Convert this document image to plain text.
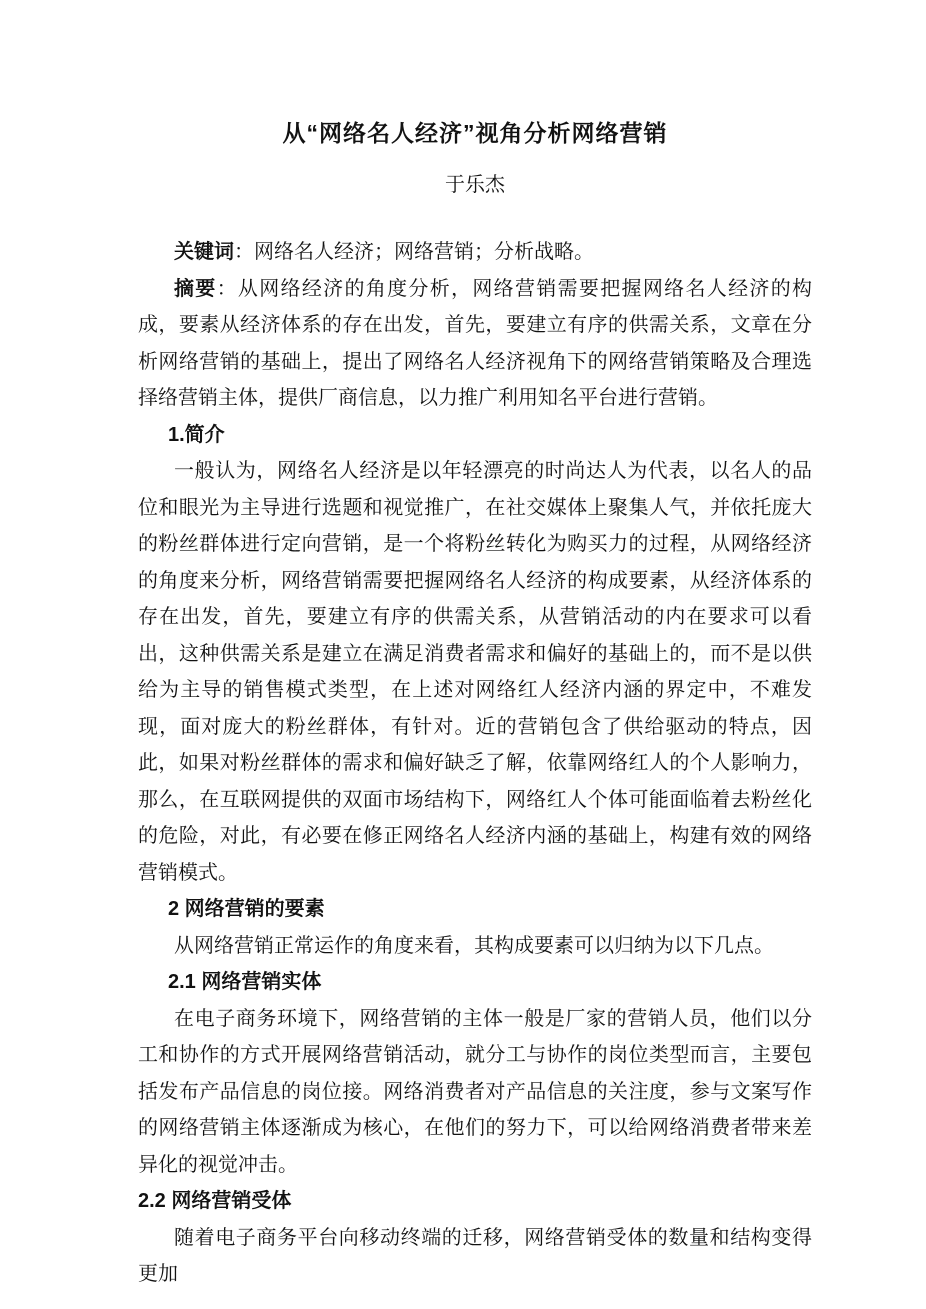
从“网络名人经济”视角分析网络营销
于乐杰

关键词：网络名人经济；网络营销；分析战略。

摘要：从网络经济的角度分析，网络营销需要把握网络名人经济的构成，要素从经济体系的存在出发，首先，要建立有序的供需关系，文章在分析网络营销的基础上，提出了网络名人经济视角下的网络营销策略及合理选择络营销主体，提供厂商信息，以力推广利用知名平台进行营销。

1.简介

一般认为，网络名人经济是以年轻漂亮的时尚达人为代表，以名人的品位和眼光为主导进行选题和视觉推广，在社交媒体上聚集人气，并依托庞大的粉丝群体进行定向营销，是一个将粉丝转化为购买力的过程，从网络经济的角度来分析，网络营销需要把握网络名人经济的构成要素，从经济体系的存在出发，首先，要建立有序的供需关系，从营销活动的内在要求可以看出，这种供需关系是建立在满足消费者需求和偏好的基础上的，而不是以供给为主导的销售模式类型，在上述对网络红人经济内涵的界定中，不难发现，面对庞大的粉丝群体，有针对。近的营销包含了供给驱动的特点，因此，如果对粉丝群体的需求和偏好缺乏了解，依靠网络红人的个人影响力，那么，在互联网提供的双面市场结构下，网络红人个体可能面临着去粉丝化的危险，对此，有必要在修正网络名人经济内涵的基础上，构建有效的网络营销模式。

2 网络营销的要素

从网络营销正常运作的角度来看，其构成要素可以归纳为以下几点。

2.1 网络营销实体

在电子商务环境下，网络营销的主体一般是厂家的营销人员，他们以分工和协作的方式开展网络营销活动，就分工与协作的岗位类型而言，主要包括发布产品信息的岗位接。网络消费者对产品信息的关注度，参与文案写作的网络营销主体逐渐成为核心，在他们的努力下，可以给网络消费者带来差异化的视觉冲击。

2.2 网络营销受体

随着电子商务平台向移动终端的迁移，网络营销受体的数量和结构变得更加
